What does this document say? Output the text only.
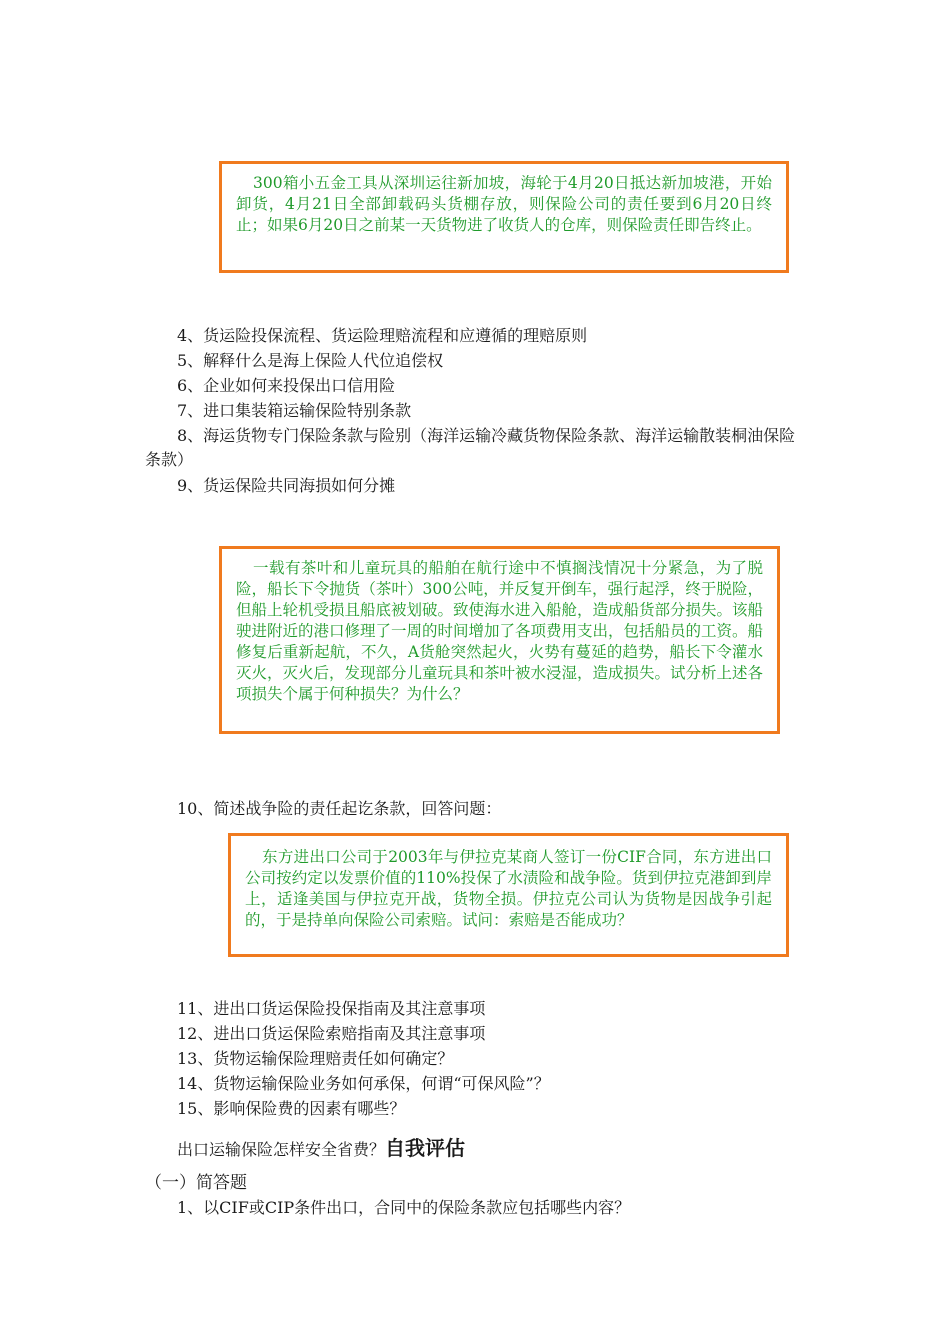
300箱小五金工具从深圳运往新加坡，海轮于4月20日抵达新加坡港，开始卸货，4月21日全部卸载码头货棚存放，则保险公司的责任要到6月20日终止；如果6月20日之前某一天货物进了收货人的仓库，则保险责任即告终止。

4、货运险投保流程、货运险理赔流程和应遵循的理赔原则

5、解释什么是海上保险人代位追偿权

6、企业如何来投保出口信用险

7、进口集装箱运输保险特别条款

8、海运货物专门保险条款与险别（海洋运输冷藏货物保险条款、海洋运输散装桐油保险条款）

9、货运保险共同海损如何分摊

一载有茶叶和儿童玩具的船舶在航行途中不慎搁浅情况十分紧急，为了脱险，船长下令抛货（茶叶）300公吨，并反复开倒车，强行起浮，终于脱险，但船上轮机受损且船底被划破。致使海水进入船舱，造成船货部分损失。该船驶进附近的港口修理了一周的时间增加了各项费用支出，包括船员的工资。船修复后重新起航，不久，A货舱突然起火，火势有蔓延的趋势，船长下令灌水灭火，灭火后，发现部分儿童玩具和茶叶被水浸湿，造成损失。试分析上述各项损失个属于何种损失？为什么？

10、简述战争险的责任起讫条款，回答问题：

东方进出口公司于2003年与伊拉克某商人签订一份CIF合同，东方进出口公司按约定以发票价值的110%投保了水渍险和战争险。货到伊拉克港卸到岸上，适逢美国与伊拉克开战，货物全损。伊拉克公司认为货物是因战争引起的，于是持单向保险公司索赔。试问：索赔是否能成功？

11、进出口货运保险投保指南及其注意事项

12、进出口货运保险索赔指南及其注意事项

13、货物运输保险理赔责任如何确定？

14、货物运输保险业务如何承保，何谓“可保风险”？

15、影响保险费的因素有哪些？

出口运输保险怎样安全省费？自我评估

（一）简答题

1、以CIF或CIP条件出口，合同中的保险条款应包括哪些内容？
